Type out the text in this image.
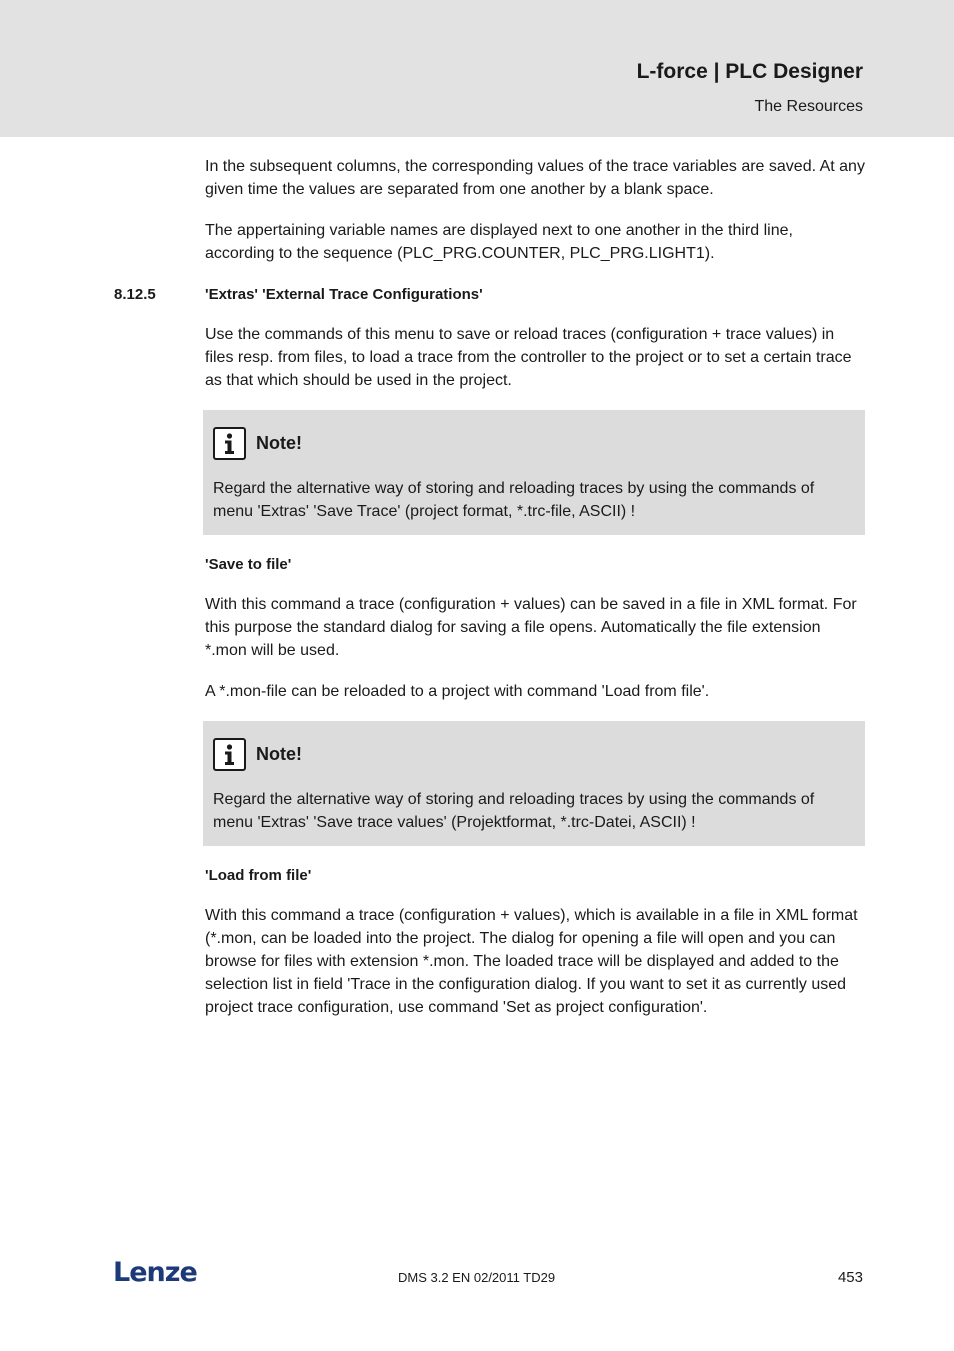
L-force | PLC Designer
The Resources

In the subsequent columns, the corresponding values of the trace variables are saved. At any given time the values are separated from one another by a blank space.

The appertaining variable names are displayed next to one another in the third line, according to the sequence (PLC_PRG.COUNTER, PLC_PRG.LIGHT1).

8.12.5	'Extras' 'External Trace Configurations'

Use the commands of this menu to save or reload traces (configuration + trace values) in files resp. from files, to load a trace from the controller to the project or to set a certain trace as that which should be used in the project.

Note!
Regard the alternative way of storing and reloading traces by using the commands of menu 'Extras' 'Save Trace' (project format, *.trc-file, ASCII) !
'Save to file'

With this command a trace (configuration + values) can be saved in a file in XML format. For this purpose the standard dialog for saving a file opens. Automatically the file extension *.mon will be used.

A *.mon-file can be reloaded to a project with command 'Load from file'.

Note!
Regard the alternative way of storing and reloading traces by using the commands of menu 'Extras' 'Save trace values' (Projektformat, *.trc-Datei, ASCII) !
'Load from file'

With this command a trace (configuration + values), which is available in a file in XML format (*.mon, can be loaded into the project. The dialog for opening a file will open and you can browse for files with extension *.mon. The loaded trace will be displayed and added to the selection list in field 'Trace in the configuration dialog. If you want to set it as currently used project trace configuration, use command 'Set as project configuration'.

Lenze	DMS 3.2 EN 02/2011 TD29	453
